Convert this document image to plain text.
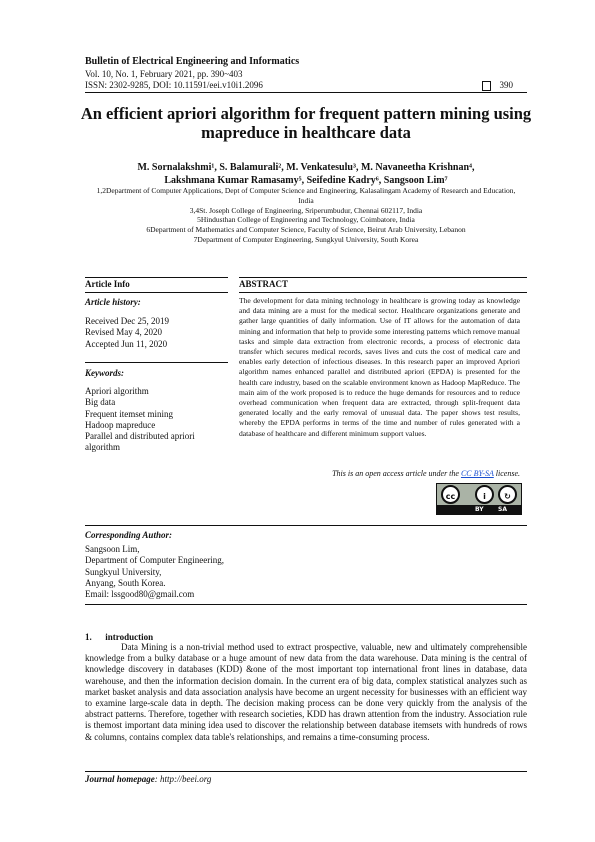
Bulletin of Electrical Engineering and Informatics
Vol. 10, No. 1, February 2021, pp. 390~403
ISSN: 2302-9285, DOI: 10.11591/eei.v10i1.2096	390
An efficient apriori algorithm for frequent pattern mining using mapreduce in healthcare data
M. Sornalakshmi¹, S. Balamurali², M. Venkatesulu³, M. Navaneetha Krishnan⁴,
Lakshmana Kumar Ramasamy⁵, Seifedine Kadry⁶, Sangsoon Lim⁷

1,2Department of Computer Applications, Dept of Computer Science and Engineering, Kalasalingam Academy of Research and Education, India

3,4St. Joseph College of Engineering, Sriperumbudur, Chennai 602117, India

5Hindusthan College of Engineering and Technology, Coimbatore, India

6Department of Mathematics and Computer Science, Faculty of Science, Beirut Arab University, Lebanon

7Department of Computer Engineering, Sungkyul University, South Korea

Article Info
Article history:
Received Dec 25, 2019
Revised May 4, 2020
Accepted Jun 11, 2020
Keywords:
Apriori algorithm
Big data
Frequent itemset mining
Hadoop mapreduce
Parallel and distributed apriori algorithm
ABSTRACT
The development for data mining technology in healthcare is growing today as knowledge and data mining are a must for the medical sector. Healthcare organizations generate and gather large quantities of daily information. Use of IT allows for the automation of data mining and information that help to provide some interesting patterns which remove manual tasks and simple data extraction from electronic records, a process of electronic data transfer which secures medical records, saves lives and cuts the cost of medical care and enables early detection of infectious diseases. In this research paper an improved Apriori algorithm names enhanced parallel and distributed apriori (EPDA) is presented for the health care industry, based on the scalable environment known as Hadoop MapReduce. The main aim of the work proposed is to reduce the huge demands for resources and to reduce overhead communication when frequent data are extracted, through split-frequent data generated locally and the early removal of unusual data. The paper shows test results, whereby the EPDA performs in terms of the time and number of rules generated with a database of healthcare and different minimum support values.
This is an open access article under the CC BY-SA license.
cc	i	↻
BY SA
Corresponding Author:
Sangsoon Lim,
Department of Computer Engineering,
Sungkyul University,
Anyang, South Korea.
Email: lssgood80@gmail.com
1.      introduction
Data Mining is a non-trivial method used to extract prospective, valuable, new and ultimately comprehensible knowledge from a bulky database or a huge amount of new data from the data warehouse. Data mining is the central of knowledge discovery in databases (KDD) &one of the most important top international front lines in database, data warehouse, and then the information decision domain. In the current era of big data, complex statistical analyzes such as market basket analysis and data association analysis have become an urgent necessity for businesses with an efficient way to examine large-scale data in depth. The decision making process can be done very quickly from the analysis of the abstract patterns. Therefore, together with research societies, KDD has drawn attention from the industry. Association rule is themost important data mining idea used to discover the relationship between database itemsets with hundreds of rows & columns, contains complex data table's relationships, and remains a time-consuming process.
Journal homepage: http://beei.org
